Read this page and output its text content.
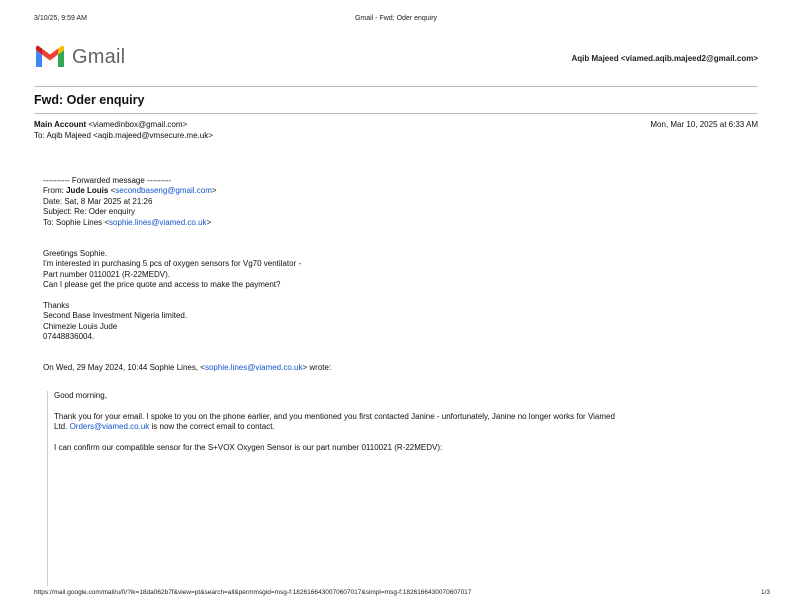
3/10/25, 9:59 AM	Gmail - Fwd: Oder enquiry
Gmail	Aqib Majeed <viamed.aqib.majeed2@gmail.com>
Fwd: Oder enquiry
Main Account <viamedinbox@gmail.com>
To: Aqib Majeed <aqib.majeed@vmsecure.me.uk>
Mon, Mar 10, 2025 at 6:33 AM

---------- Forwarded message ---------

From: Jude Louis <secondbaseng@gmail.com>

Date: Sat, 8 Mar 2025 at 21:26

Subject: Re: Oder enquiry

To: Sophie Lines <sophie.lines@viamed.co.uk>

Greetings Sophie.

I'm interested in purchasing 5 pcs of oxygen sensors for Vg70 ventilator -

Part number 0110021 (R-22MEDV).

Can I please get the price quote and access to make the payment?

Thanks

Second Base Investment Nigeria limited.

Chimezie Louis Jude

07448836004.

On Wed, 29 May 2024, 10:44 Sophie Lines, <sophie.lines@viamed.co.uk> wrote:

Good morning,

Thank you for your email. I spoke to you on the phone earlier, and you mentioned you first contacted Janine - unfortunately, Janine no longer works for Viamed

Ltd. Orders@viamed.co.uk is now the correct email to contact.

I can confirm our compatible sensor for the S+VOX Oxygen Sensor is our part number 0110021 (R-22MEDV):

https://mail.google.com/mail/u/0/?ik=18da062b7f&view=pt&search=all&permmsgid=msg-f:1826166430070607017&simpl=msg-f:1826166430070607017	1/3
